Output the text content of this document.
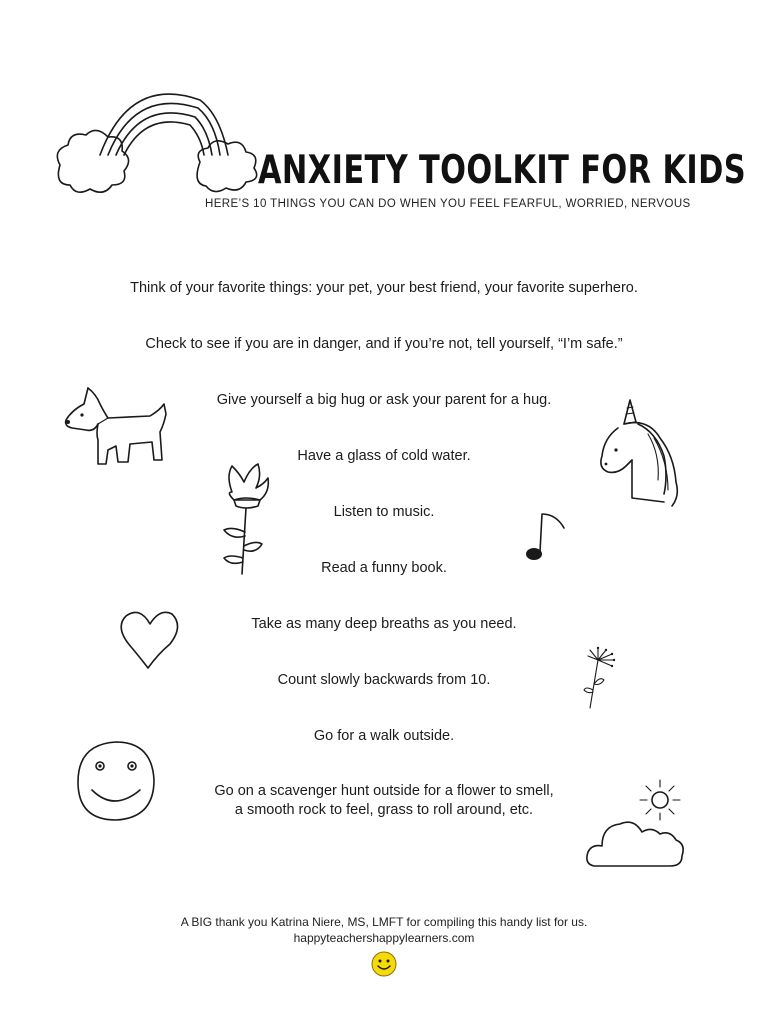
ANXIETY TOOLKIT FOR KIDS
HERE’S 10 THINGS YOU CAN DO WHEN YOU FEEL FEARFUL, WORRIED, NERVOUS
Think of your favorite things: your pet, your best friend, your favorite superhero.
Check to see if you are in danger, and if you’re not, tell yourself, “I’m safe.”
Give yourself a big hug or ask your parent for a hug.
Have a glass of cold water.
Listen to music.
Read a funny book.
Take as many deep breaths as you need.
Count slowly backwards from 10.
Go for a walk outside.
Go on a scavenger hunt outside for a flower to smell,
a smooth rock to feel, grass to roll around, etc.
A BIG thank you Katrina Niere, MS, LMFT for compiling this handy list for us.
happyteachershappylearners.com
